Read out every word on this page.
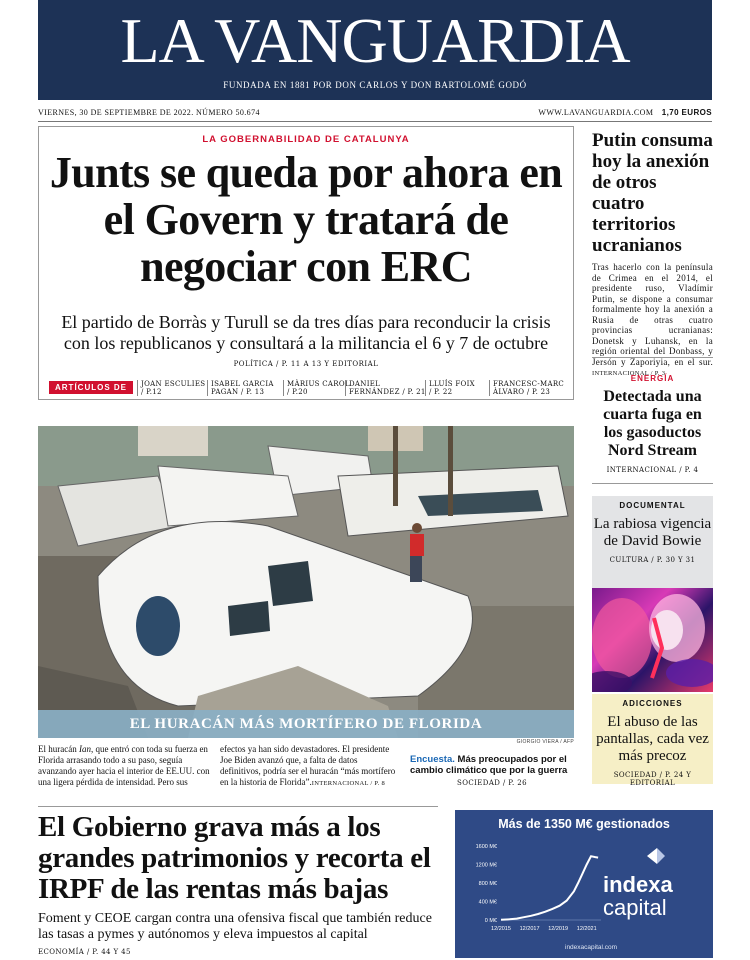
LA VANGUARDIA
FUNDADA EN 1881 POR DON CARLOS Y DON BARTOLOMÉ GODÓ
VIERNES, 30 DE SEPTIEMBRE DE 2022. NÚMERO 50.674	WWW.LAVANGUARDIA.COM 1,70 EUROS
LA GOBERNABILIDAD DE CATALUNYA
Junts se queda por ahora en el Govern y tratará de negociar con ERC
El partido de Borràs y Turull se da tres días para reconducir la crisis con los republicanos y consultará a la militancia el 6 y 7 de octubre
POLÍTICA / P. 11 A 13 Y EDITORIAL
ARTÍCULOS DE	JOAN ESCULIES
/ P.12
ISABEL GARCIA
PAGAN / P. 13
MÀRIUS CAROL
/ P.20
DANIEL
FERNÁNDEZ / P. 21
LLUÍS FOIX
/ P. 22
FRANCESC-MARC
ÀLVARO / P. 23
Putin consuma hoy la anexión de otros cuatro territorios ucranianos
Tras hacerlo con la península de Crimea en el 2014, el presidente ruso, Vladímir Putin, se dispone a consumar formalmente hoy la anexión a Rusia de otras cuatro provincias ucranianas: Donetsk y Luhansk, en la región oriental del Donbass, y Jersón y Zaporiyia, en el sur. INTERNACIONAL / P. 3
ENERGÍA
Detectada una cuarta fuga en los gasoductos Nord Stream
INTERNACIONAL / P. 4
DOCUMENTAL
La rabiosa vigencia de David Bowie
CULTURA / P. 30 Y 31
ADICCIONES
El abuso de las pantallas, cada vez más precoz
SOCIEDAD / P. 24 Y EDITORIAL
EL HURACÁN MÁS MORTÍFERO DE FLORIDA
GIORGIO VIERA / AFP
El huracán Ian, que entró con toda su fuerza en Florida arrasando todo a su paso, seguía avanzando ayer hacia el interior de EE.UU. con una ligera pérdida de intensidad. Pero sus
efectos ya han sido devastadores. El presidente Joe Biden avanzó que, a falta de datos definitivos, podría ser el huracán “más mortífero en la historia de Florida”.INTERNACIONAL / P. 8
Encuesta. Más preocupados por el cambio climático que por la guerra
SOCIEDAD / P. 26
El Gobierno grava más a los grandes patrimonios y recorta el IRPF de las rentas más bajas
Foment y CEOE cargan contra una ofensiva fiscal que también reduce las tasas a pymes y autónomos y eleva impuestos al capital
ECONOMÍA / P. 44 Y 45
Más de 1350 M€ gestionados
0 M€
400 M€
800 M€
1200 M€
1600 M€
12/2015 12/2017 12/2019 12/2021
indexa
capital
indexacapital.com
